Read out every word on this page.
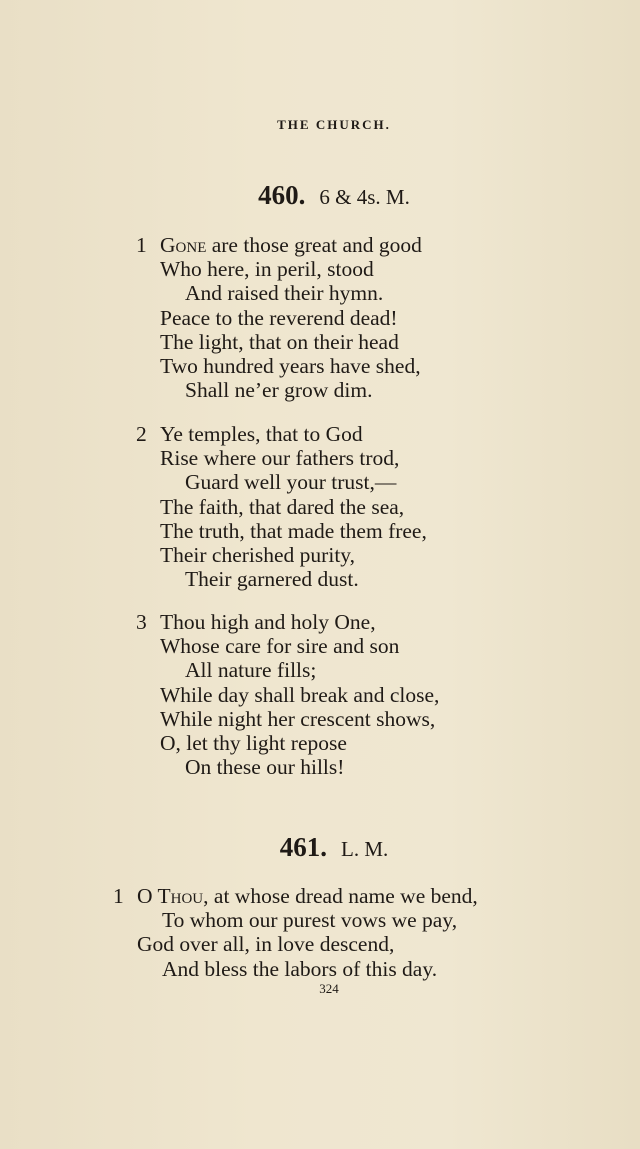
THE CHURCH.
460. 6 & 4s. M.
1 Gone are those great and good
Who here, in peril, stood
And raised their hymn.
Peace to the reverend dead!
The light, that on their head
Two hundred years have shed,
Shall ne’er grow dim.
2 Ye temples, that to God
Rise where our fathers trod,
Guard well your trust,—
The faith, that dared the sea,
The truth, that made them free,
Their cherished purity,
Their garnered dust.
3 Thou high and holy One,
Whose care for sire and son
All nature fills;
While day shall break and close,
While night her crescent shows,
O, let thy light repose
On these our hills!
461. L. M.
1 O Thou, at whose dread name we bend,
To whom our purest vows we pay,
God over all, in love descend,
And bless the labors of this day.
324
